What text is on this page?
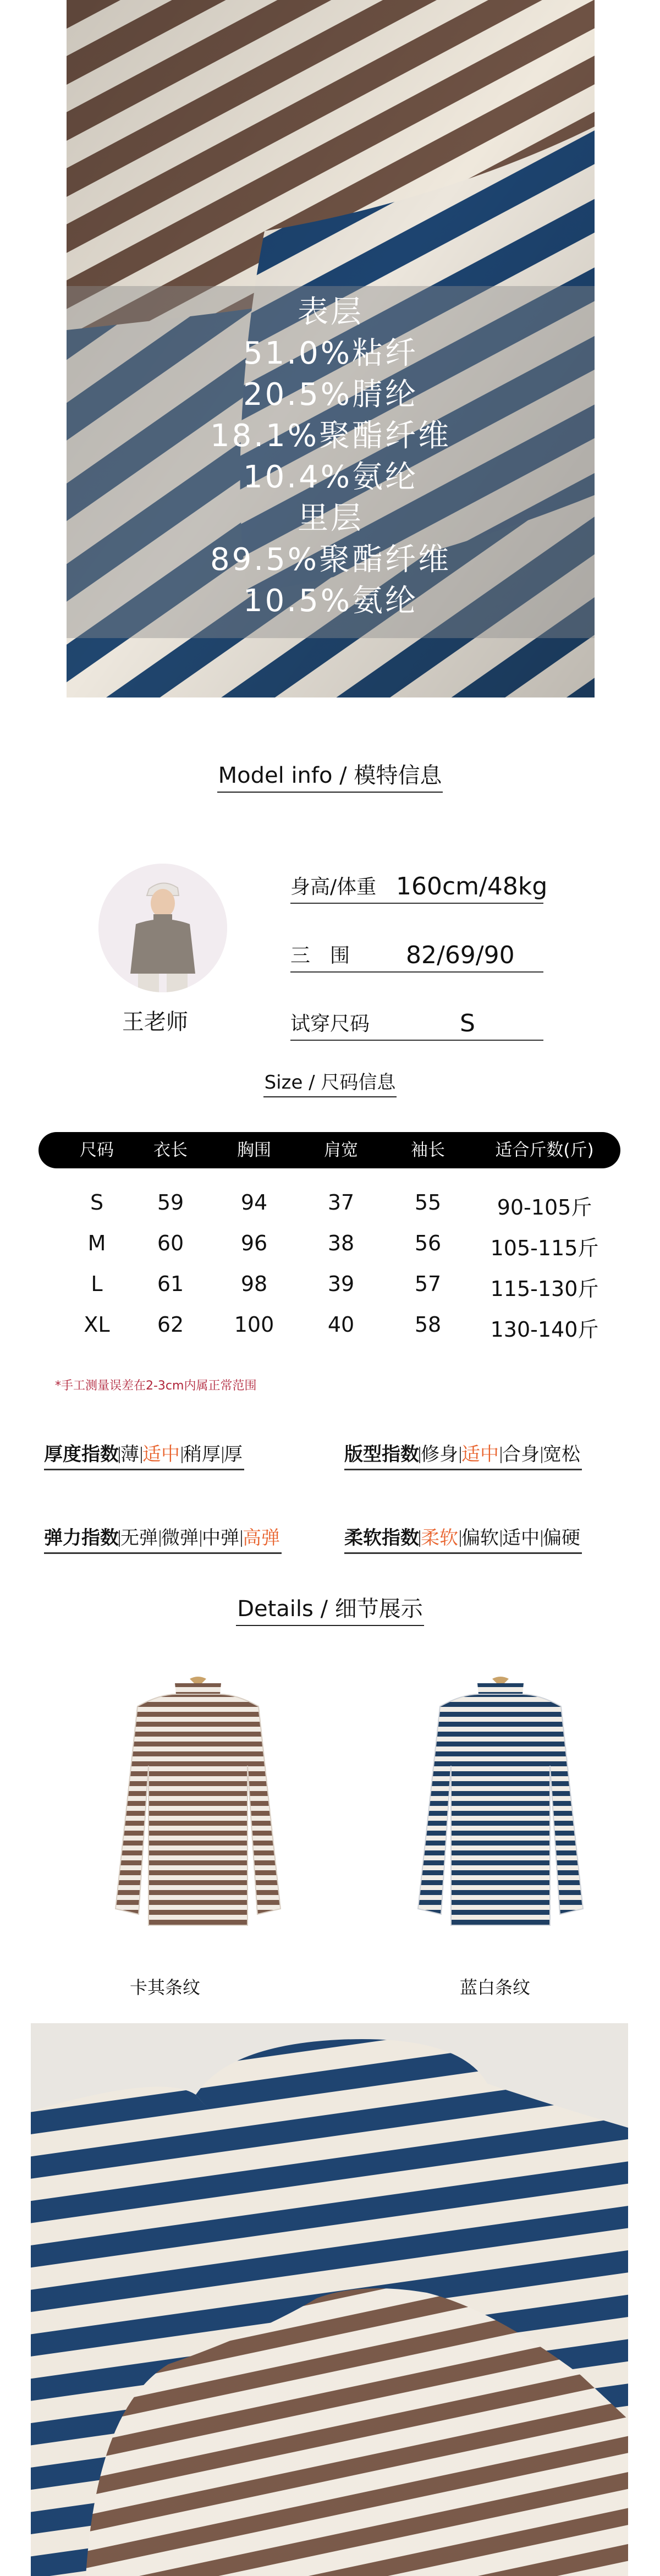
表层
51.0%粘纤
20.5%腈纶
18.1%聚酯纤维
10.4%氨纶
里层
89.5%聚酯纤维
10.5%氨纶
Model info / 模特信息
王老师
身高/体重 160cm/48kg
三　围 82/69/90
试穿尺码	S
Size / 尺码信息
尺码 衣长	胸围	肩宽	袖长	适合斤数(斤)
S	59	94	37	55	90-105斤
M 60	96	38	56 105-115斤
L	61	98	39	57 115-130斤
XL 62 100	40	58 130-140斤
*手工测量误差在2-3cm内属正常范围
厚度指数薄 适中 稍厚 厚	版型指数修身 适中 合身 宽松
弹力指数无弹 微弹 中弹 高弹	柔软指数柔软 偏软 适中 偏硬
Details / 细节展示
卡其条纹	蓝白条纹
